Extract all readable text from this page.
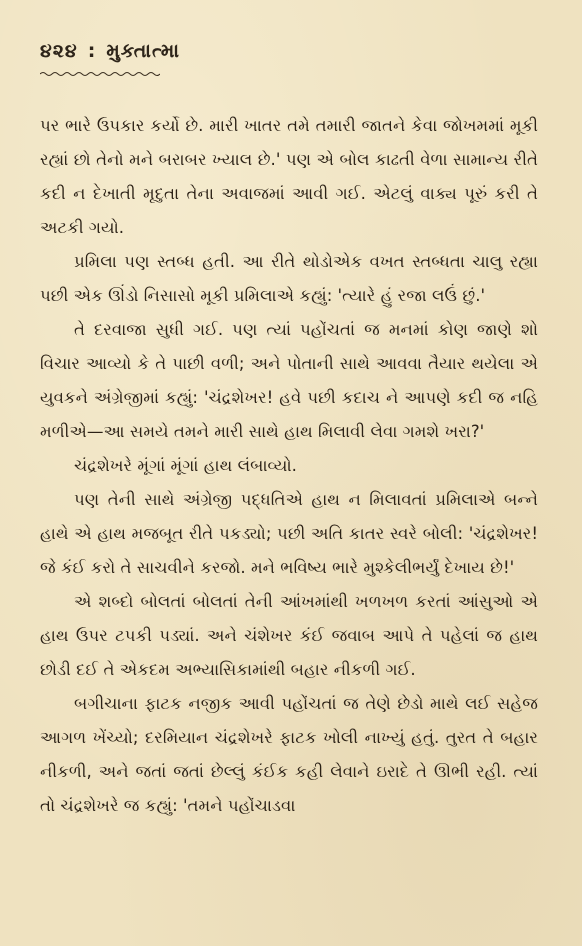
૪૨૪ : મુક્તાત્મા

પર ભારે ઉપકાર કર્યો છે. મારી ખાતર તમે તમારી જાતને કેવા જોખમમાં મૂકી રહ્યાં છો તેનો મને બરાબર ખ્યાલ છે.' પણ એ બોલ કાઢતી વેળા સામાન્ય રીતે કદી ન દેખાતી મૃદુતા તેના અવાજમાં આવી ગઈ. એટલું વાક્ય પૂરું કરી તે અટકી ગયો.

પ્રમિલા પણ સ્તબ્ધ હતી. આ રીતે થોડોએક વખત સ્તબ્ધતા ચાલુ રહ્યા પછી એક ઊંડો નિસાસો મૂકી પ્રમિલાએ કહ્યું: 'ત્યારે હું રજા લઉં છું.'

તે દરવાજા સુધી ગઈ. પણ ત્યાં પહોંચતાં જ મનમાં કોણ જાણે શો વિચાર આવ્યો કે તે પાછી વળી; અને પોતાની સાથે આવવા તૈયાર થયેલા એ યુવકને અંગ્રેજીમાં કહ્યું: 'ચંદ્રશેખર! હવે પછી કદાચ ને આપણે કદી જ નહિ મળીએ—આ સમયે તમને મારી સાથે હાથ મિલાવી લેવા ગમશે ખરા?'

ચંદ્રશેખરે મૂંગાં મૂંગાં હાથ લંબાવ્યો.

પણ તેની સાથે અંગ્રેજી પદ્ધતિએ હાથ ન મિલાવતાં પ્રમિલાએ બન્ને હાથે એ હાથ મજબૂત રીતે પકડ્યો; પછી અતિ કાતર સ્વરે બોલી: 'ચંદ્રશેખર! જે કંઈ કરો તે સાચવીને કરજો. મને ભવિષ્ય ભારે મુશ્કેલીભર્યું દેખાય છે!'

એ શબ્દો બોલતાં બોલતાં તેની આંખમાંથી ખળખળ કરતાં આંસુઓ એ હાથ ઉપર ટપકી પડ્યાં. અને ચંશેખર કંઈ જવાબ આપે તે પહેલાં જ હાથ છોડી દઈ તે એકદમ અભ્યાસિકામાંથી બહાર નીકળી ગઈ.

બગીચાના ફાટક નજીક આવી પહોંચતાં જ તેણે છેડો માથે લઈ સહેજ આગળ ખેંચ્યો; દરમિયાન ચંદ્રશેખરે ફાટક ખોલી નાખ્યું હતું. તુરત તે બહાર નીકળી, અને જતાં જતાં છેલ્લું કંઈક કહી લેવાને ઇરાદે તે ઊભી રહી. ત્યાં તો ચંદ્રશેખરે જ કહ્યું: 'તમને પહોંચાડવા
